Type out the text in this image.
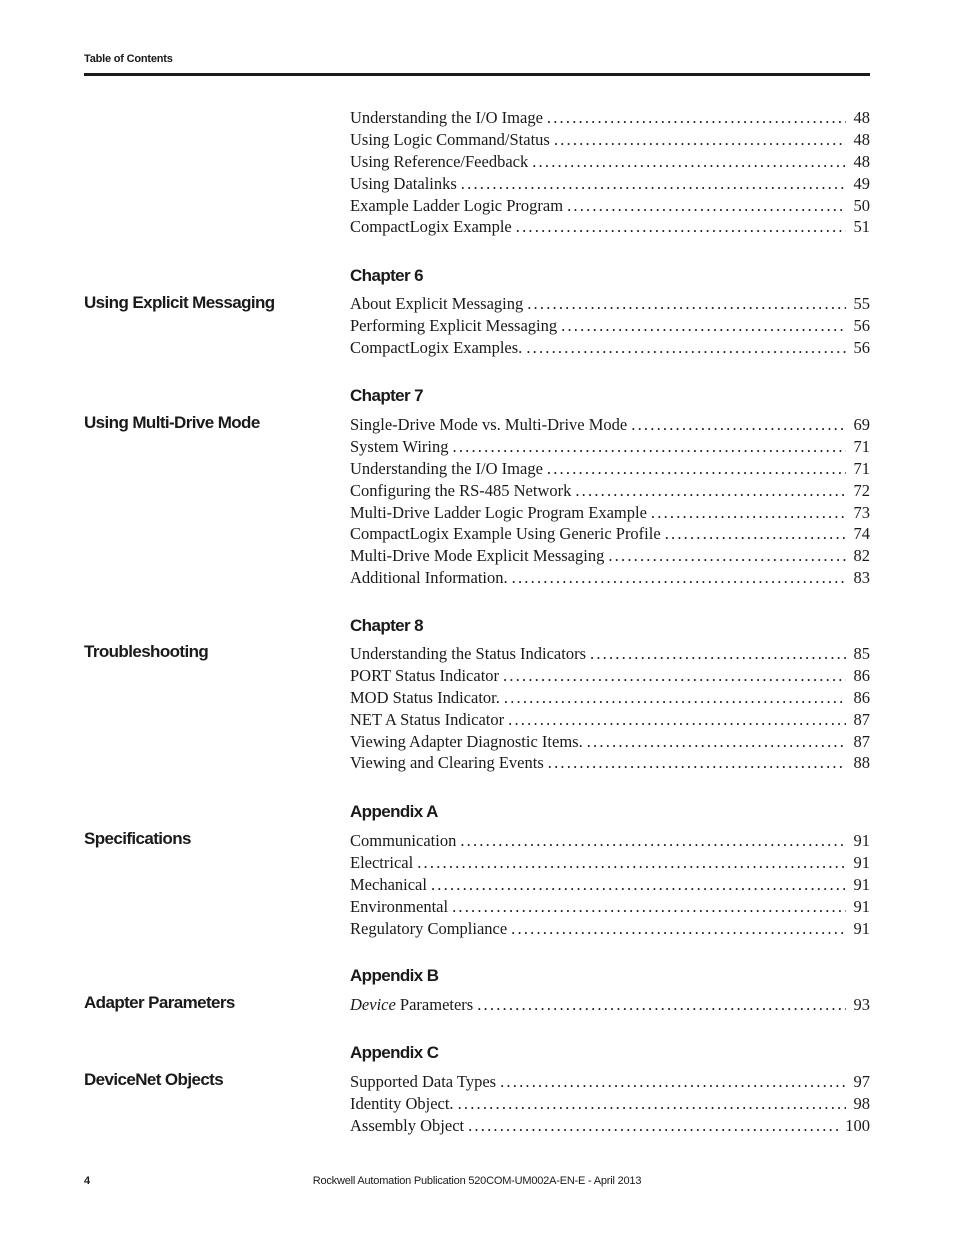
Table of Contents
Understanding the I/O Image .....	48
Using Logic Command/Status .....	48
Using Reference/Feedback .....	48
Using Datalinks .....	49
Example Ladder Logic Program .....	50
CompactLogix Example .....	51
Chapter 6
Using Explicit Messaging	About Explicit Messaging .....	55
Performing Explicit Messaging .....	56
CompactLogix Examples. .....	56
Chapter 7
Using Multi-Drive Mode	Single-Drive Mode vs. Multi-Drive Mode .....	69
System Wiring .....	71
Understanding the I/O Image .....	71
Configuring the RS-485 Network .....	72
Multi-Drive Ladder Logic Program Example .....	73
CompactLogix Example Using Generic Profile .....	74
Multi-Drive Mode Explicit Messaging .....	82
Additional Information. .....	83
Chapter 8
Troubleshooting	Understanding the Status Indicators .....	85
PORT Status Indicator .....	86
MOD Status Indicator. .....	86
NET A Status Indicator .....	87
Viewing Adapter Diagnostic Items. .....	87
Viewing and Clearing Events .....	88
Appendix A
Specifications	Communication .....	91
Electrical .....	91
Mechanical .....	91
Environmental .....	91
Regulatory Compliance .....	91
Appendix B
Adapter Parameters	Device Parameters .....	93
Appendix C
DeviceNet Objects	Supported Data Types .....	97
Identity Object. .....	98
Assembly Object .....	100
4	Rockwell Automation Publication 520COM-UM002A-EN-E - April 2013
